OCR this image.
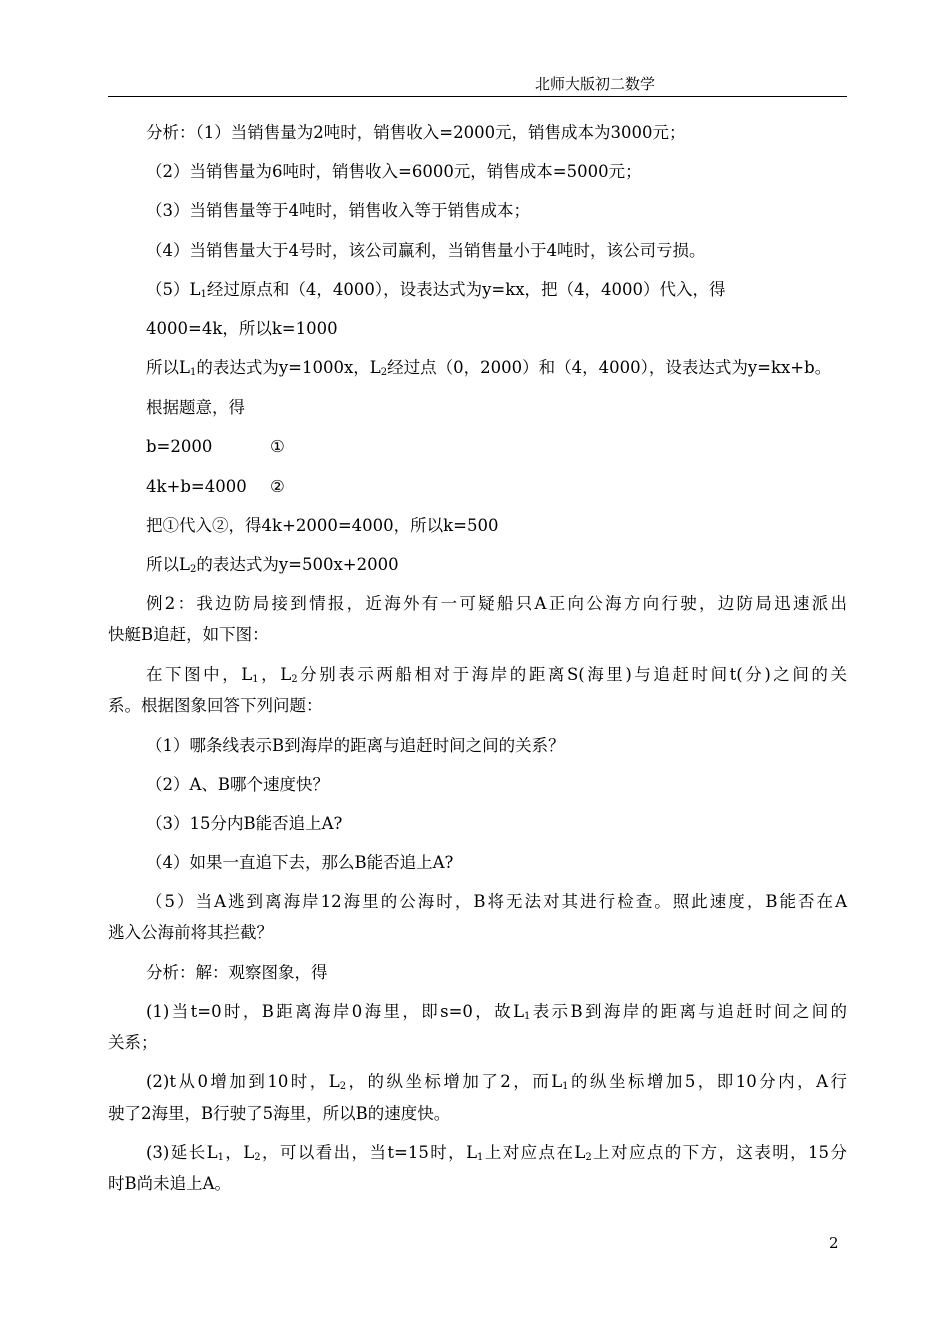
北师大版初二数学
分析：（1）当销售量为2吨时，销售收入=2000元，销售成本为3000元；
（2）当销售量为6吨时，销售收入=6000元，销售成本=5000元；
（3）当销售量等于4吨时，销售收入等于销售成本；
（4）当销售量大于4号时，该公司赢利，当销售量小于4吨时，该公司亏损。
$(5)L_1$经过原点和（4，4000），设表达式为y=kx，把（4，4000）代入，得
4000=4k，所以k=1000
所以$L_1$的表达式为y=1000x，$L_2$经过点（0，2000）和（4，4000），设表达式为y=kx+b。
根据题意，得
b=2000	①
4k+b=4000 ②
把①代入②，得4k+2000=4000，所以k=500
所以$L_2$的表达式为y=500x+2000
例2：我边防局接到情报，近海外有一可疑船只A正向公海方向行驶，边防局迅速派出
快艇B追赶，如下图：
在下图中，$L_1$，$L_2$分别表示两船相对于海岸的距离S(海里)与追赶时间t(分)之间的关
系。根据图象回答下列问题：
（1）哪条线表示B到海岸的距离与追赶时间之间的关系？
（2）A、B哪个速度快？
（3）15分内B能否追上A?
（4）如果一直追下去，那么B能否追上A?
（5）当A逃到离海岸12海里的公海时，B将无法对其进行检查。照此速度，B能否在A
逃入公海前将其拦截？
分析：解：观察图象，得
(1)当t=0时，B距离海岸0海里，即s=0，故$L_1$表示B到海岸的距离与追赶时间之间的
关系；
(2)t从0增加到10时，$L_2$，的纵坐标增加了2，而$L_1$的纵坐标增加5，即10分内，A行
驶了2海里，B行驶了5海里，所以B的速度快。
(3)延长$L_1$，$L_2$，可以看出，当t=15时，$L_1$上对应点在$L_2$上对应点的下方，这表明，15分
时B尚未追上A。
2
